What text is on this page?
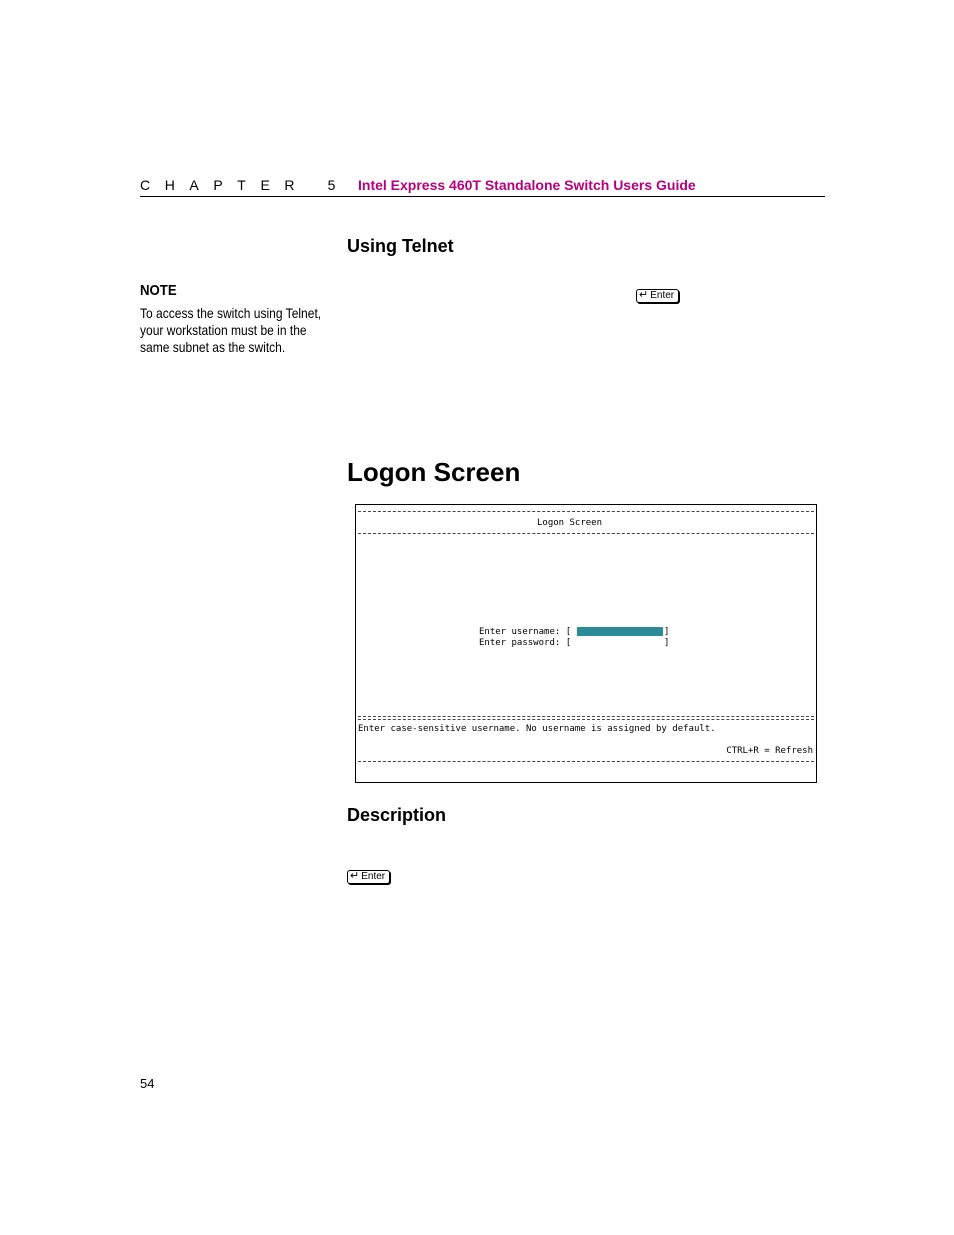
CHAPTER 5 Intel Express 460T Standalone Switch Users Guide
Using Telnet
NOTE
To access the switch using Telnet, your workstation must be in the same subnet as the switch.
↵ Enter
Logon Screen
Logon Screen
Enter username: [	]
Enter password: [	]
Enter case-sensitive username. No username is assigned by default.
CTRL+R = Refresh
Description
↵ Enter
54
